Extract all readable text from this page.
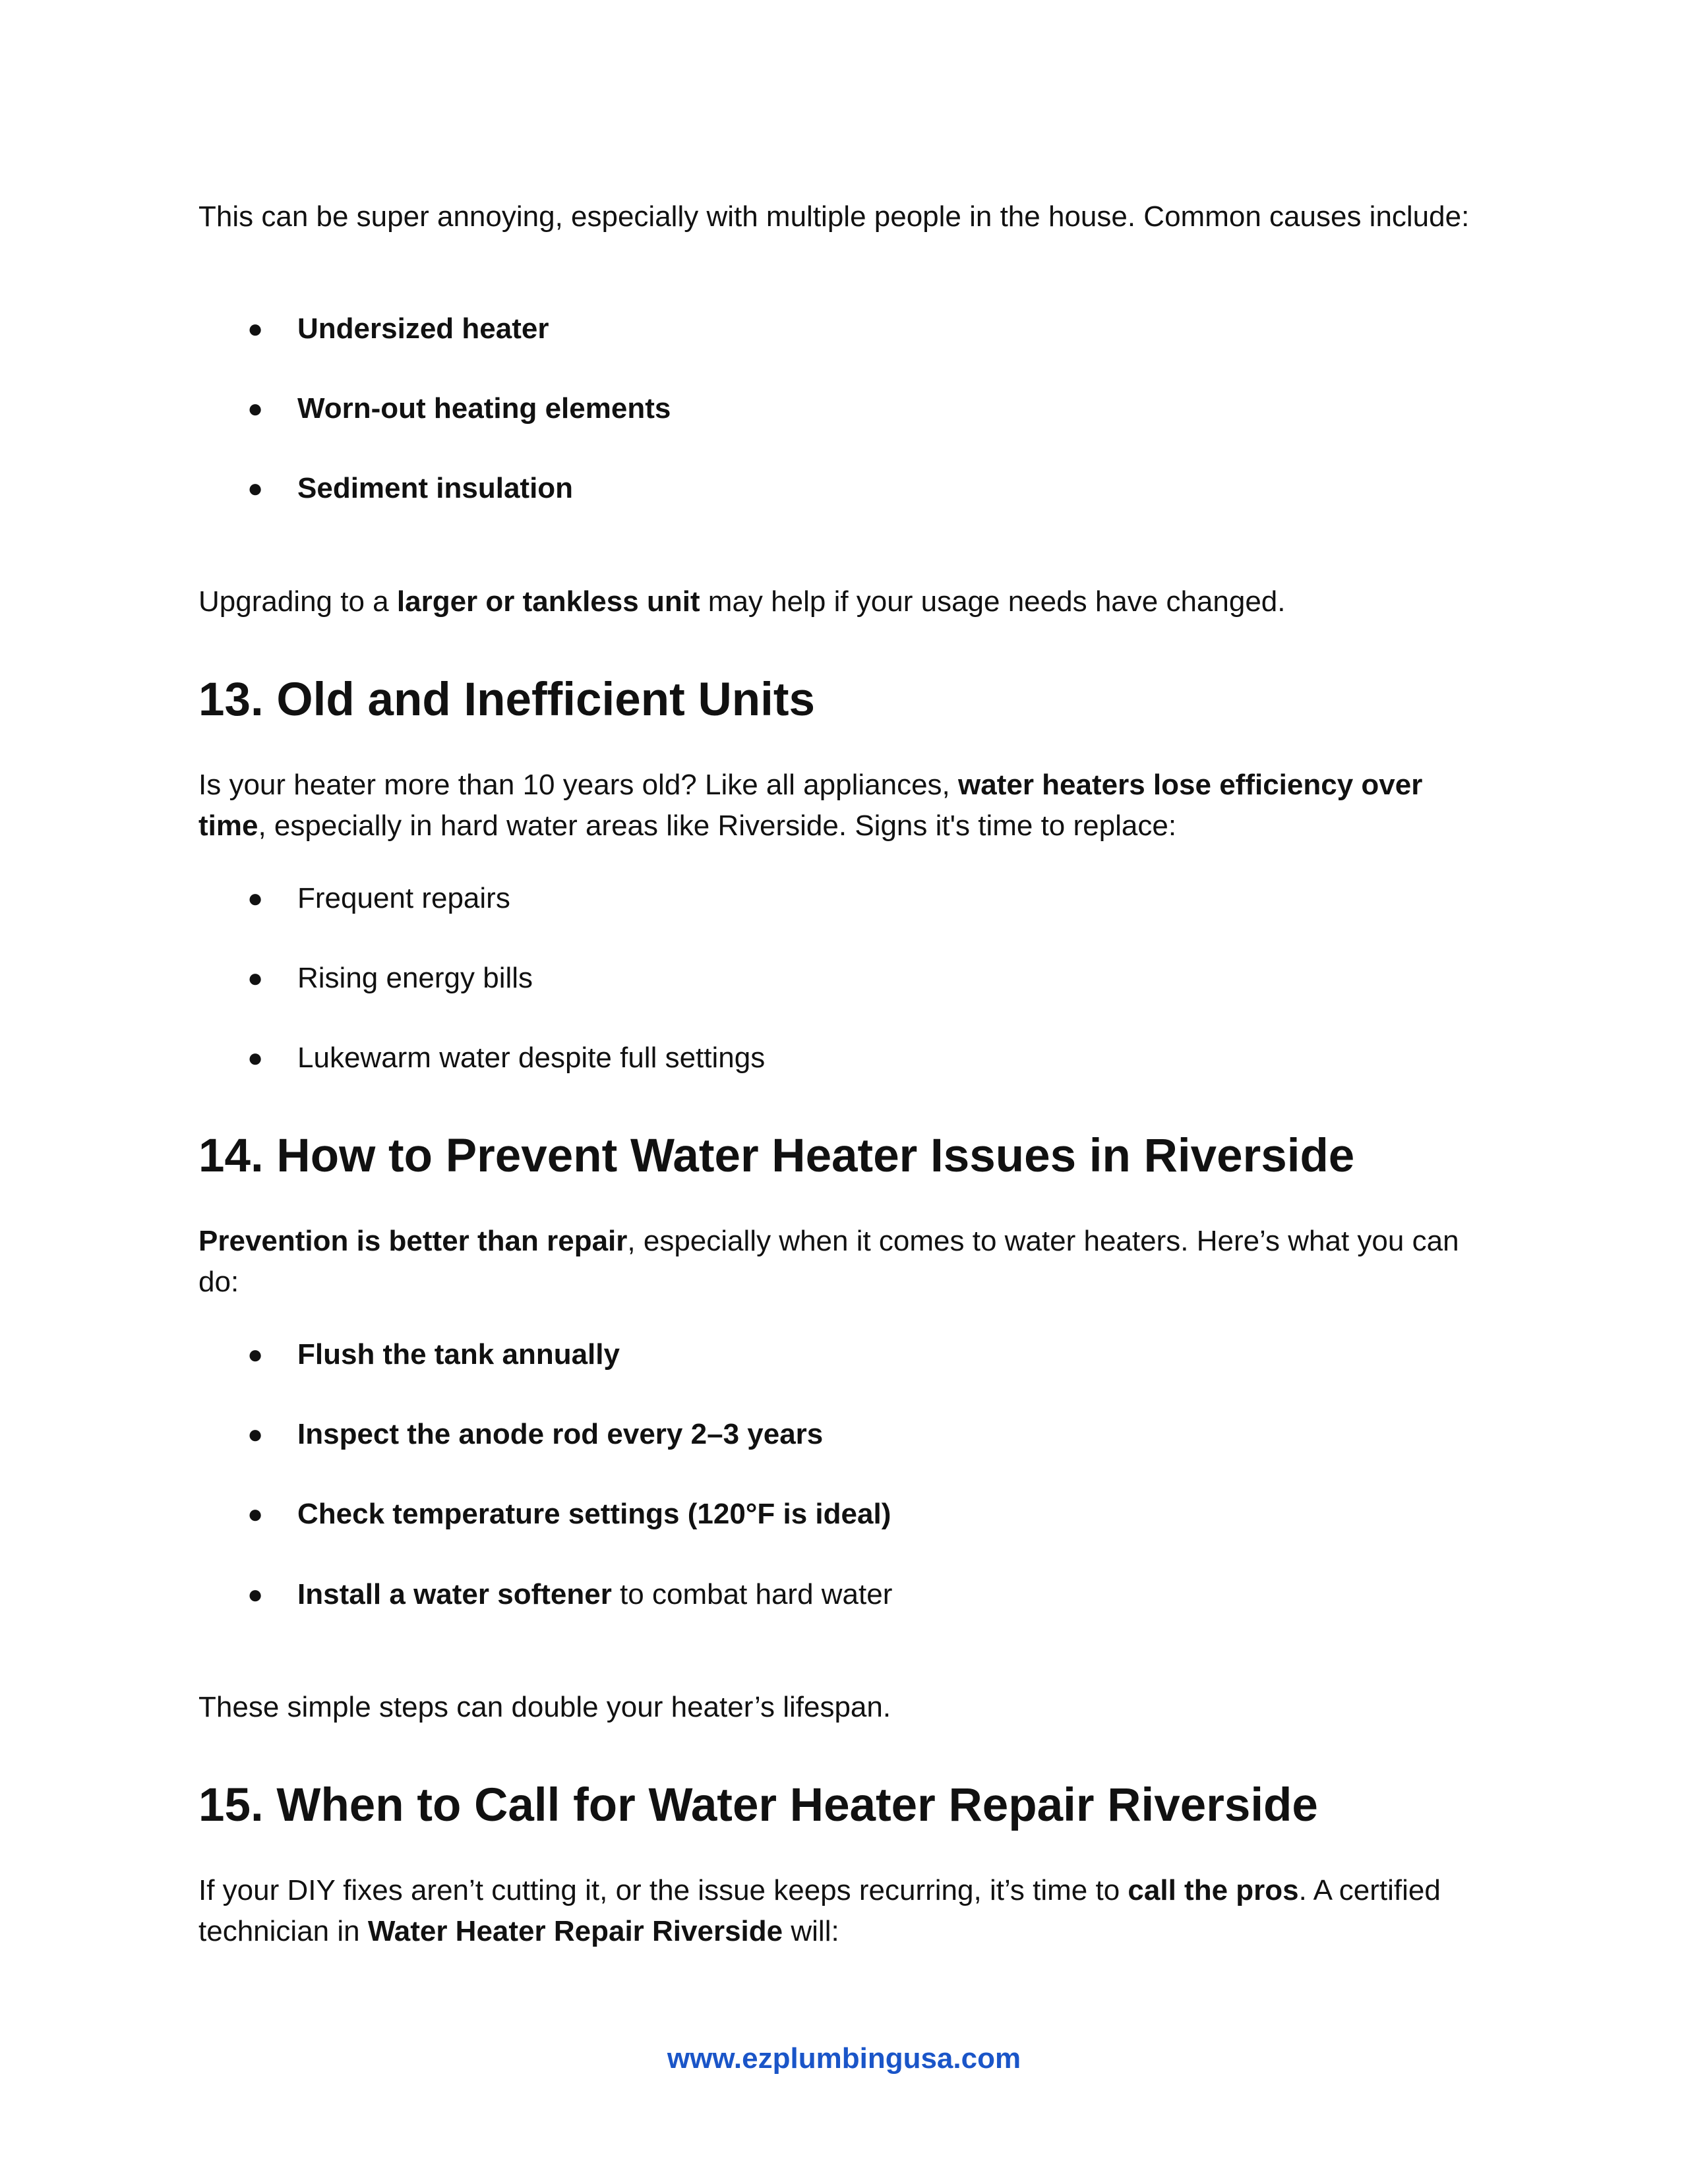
This can be super annoying, especially with multiple people in the house. Common causes include:

● Undersized heater
● Worn-out heating elements
● Sediment insulation

Upgrading to a larger or tankless unit may help if your usage needs have changed.

13. Old and Inefficient Units

Is your heater more than 10 years old? Like all appliances, water heaters lose efficiency over time, especially in hard water areas like Riverside. Signs it's time to replace:

● Frequent repairs
● Rising energy bills
● Lukewarm water despite full settings
14. How to Prevent Water Heater Issues in Riverside

Prevention is better than repair, especially when it comes to water heaters. Here’s what you can do:

● Flush the tank annually
● Inspect the anode rod every 2–3 years
● Check temperature settings (120°F is ideal)
● Install a water softener to combat hard water

These simple steps can double your heater’s lifespan.

15. When to Call for Water Heater Repair Riverside

If your DIY fixes aren’t cutting it, or the issue keeps recurring, it’s time to call the pros. A certified technician in Water Heater Repair Riverside will:

www.ezplumbingusa.com
